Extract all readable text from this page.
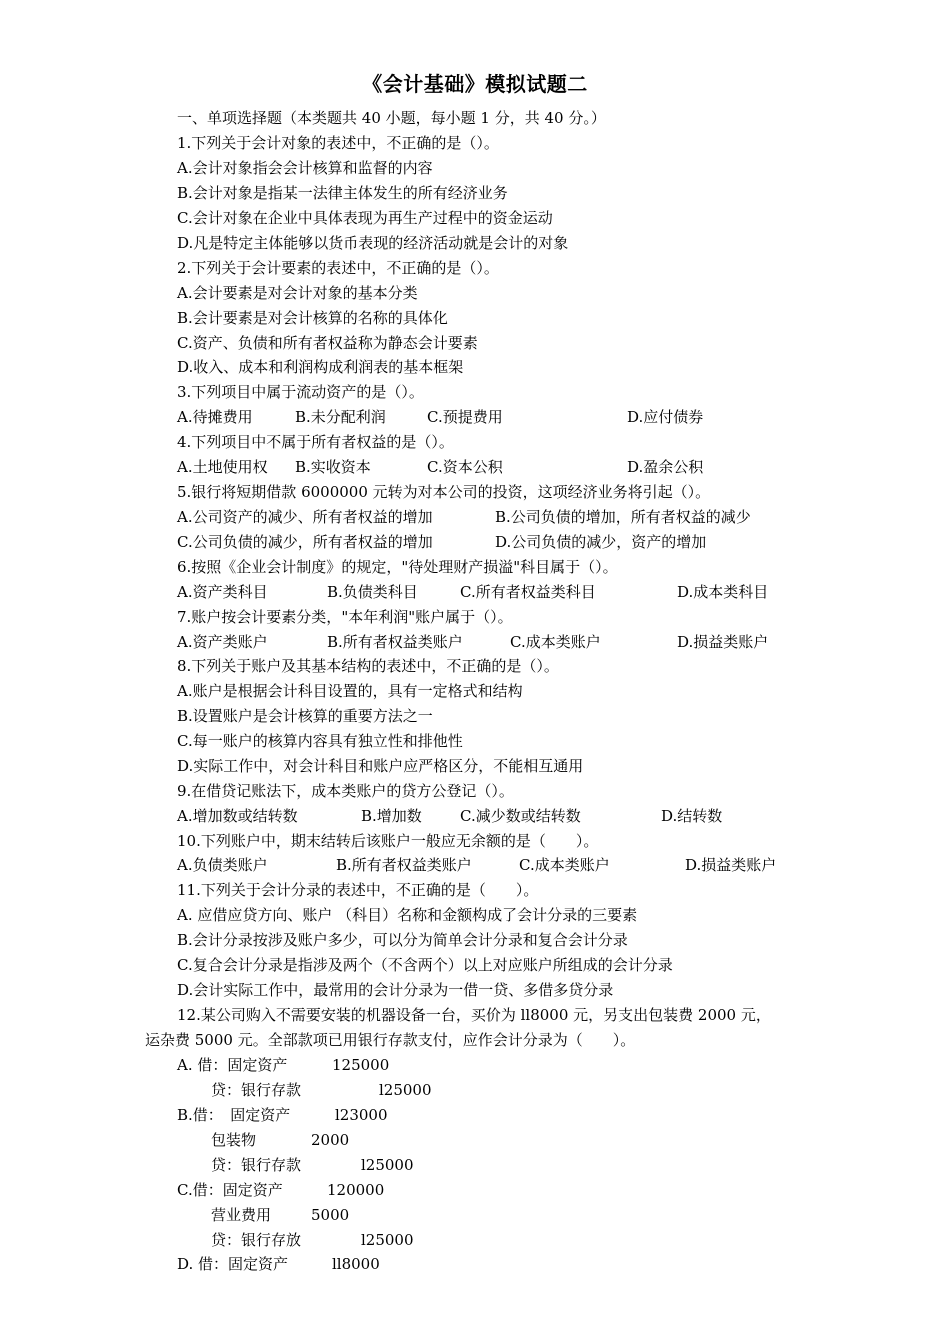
《会计基础》模拟试题二
一、单项选择题（本类题共 40 小题，每小题 1 分，共 40 分。）
1.下列关于会计对象的表述中，不正确的是（）。
A.会计对象指会会计核算和监督的内容
B.会计对象是指某一法律主体发生的所有经济业务
C.会计对象在企业中具体表现为再生产过程中的资金运动
D.凡是特定主体能够以货币表现的经济活动就是会计的对象
2.下列关于会计要素的表述中，不正确的是（）。
A.会计要素是对会计对象的基本分类
B.会计要素是对会计核算的名称的具体化
C.资产、负债和所有者权益称为静态会计要素
D.收入、成本和利润构成利润表的基本框架
3.下列项目中属于流动资产的是（）。
A.待摊费用	B.未分配利润	C.预提费用	D.应付债券
4.下列项目中不属于所有者权益的是（）。
A.土地使用权 B.实收资本	C.资本公积	D.盈余公积
5.银行将短期借款 6000000 元转为对本公司的投资，这项经济业务将引起（）。
A.公司资产的减少、所有者权益的增加	B.公司负债的增加，所有者权益的减少
C.公司负债的减少，所有者权益的增加	D.公司负债的减少，资产的增加
6.按照《企业会计制度》的规定，"待处理财产损溢"科目属于（）。
A.资产类科目	B.负债类科目	C.所有者权益类科目	D.成本类科目
7.账户按会计要素分类，"本年利润"账户属于（）。
A.资产类账户	B.所有者权益类账户	C.成本类账户	D.损益类账户
8.下列关于账户及其基本结构的表述中，不正确的是（）。
A.账户是根据会计科目设置的，具有一定格式和结构
B.设置账户是会计核算的重要方法之一
C.每一账户的核算内容具有独立性和排他性
D.实际工作中，对会计科目和账户应严格区分，不能相互通用
9.在借贷记账法下，成本类账户的贷方公登记（）。
A.增加数或结转数	B.增加数	C.减少数或结转数	D.结转数
10.下列账户中，期末结转后该账户一般应无余额的是（　　）。
A.负债类账户	B.所有者权益类账户	C.成本类账户	D.损益类账户
11.下列关于会计分录的表述中，不正确的是（　　）。
A. 应借应贷方向、账户 （科目）名称和金额构成了会计分录的三要素
B.会计分录按涉及账户多少，可以分为简单会计分录和复合会计分录
C.复合会计分录是指涉及两个（不含两个）以上对应账户所组成的会计分录
D.会计实际工作中，最常用的会计分录为一借一贷、多借多贷分录
12.某公司购入不需要安装的机器设备一台，买价为 ll8000 元，另支出包装费 2000 元，
运杂费 5000 元。全部款项已用银行存款支付，应作会计分录为（　　）。
A. 借：固定资产	125000
贷：银行存款	l25000
B.借：　固定资产	l23000
包装物	2000
贷：银行存款	l25000
C.借：固定资产	120000
营业费用	5000
贷：银行存放	l25000
D. 借：固定资产	ll8000
